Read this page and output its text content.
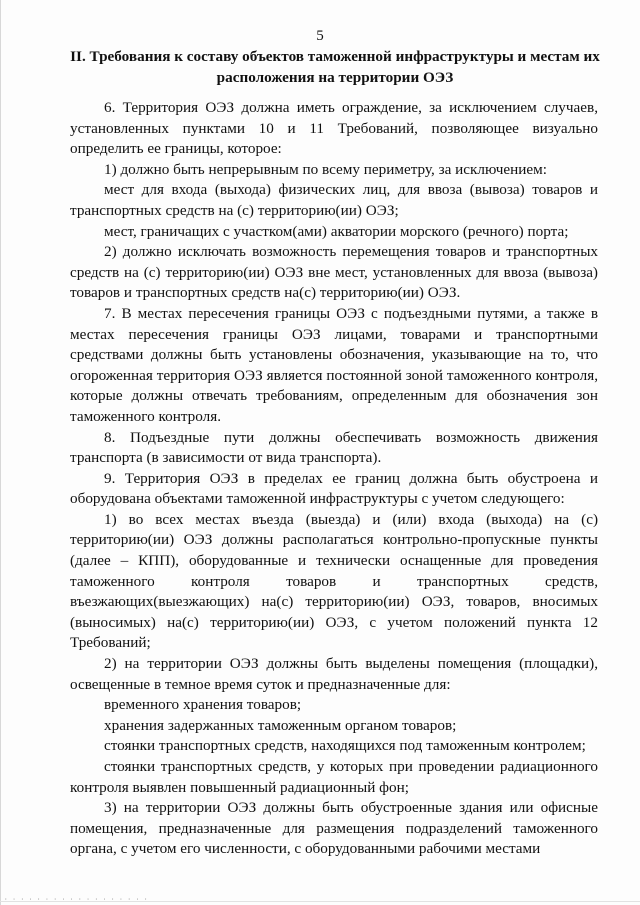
5
II. Требования к составу объектов таможенной инфраструктуры и местам их расположения на территории ОЭЗ

6. Территория ОЭЗ должна иметь ограждение, за исключением случаев, установленных пунктами 10 и 11 Требований, позволяющее визуально определить ее границы, которое:

1) должно быть непрерывным по всему периметру, за исключением:

мест для входа (выхода) физических лиц, для ввоза (вывоза) товаров и транспортных средств на (с) территорию(ии) ОЭЗ;

мест, граничащих с участком(ами) акватории морского (речного) порта;

2) должно исключать возможность перемещения товаров и транспортных средств на (с) территорию(ии) ОЭЗ вне мест, установленных для ввоза (вывоза) товаров и транспортных средств на(с) территорию(ии) ОЭЗ.

7. В местах пересечения границы ОЭЗ с подъездными путями, а также в местах пересечения границы ОЭЗ лицами, товарами и транспортными средствами должны быть установлены обозначения, указывающие на то, что огороженная территория ОЭЗ является постоянной зоной таможенного контроля, которые должны отвечать требованиям, определенным для обозначения зон таможенного контроля.

8. Подъездные пути должны обеспечивать возможность движения транспорта (в зависимости от вида транспорта).

9. Территория ОЭЗ в пределах ее границ должна быть обустроена и оборудована объектами таможенной инфраструктуры с учетом следующего:

1) во всех местах въезда (выезда) и (или) входа (выхода) на (с) территорию(ии) ОЭЗ должны располагаться контрольно-пропускные пункты (далее – КПП), оборудованные и технически оснащенные для проведения таможенного контроля товаров и транспортных средств, въезжающих(выезжающих) на(с) территорию(ии) ОЭЗ, товаров, вносимых (выносимых) на(с) территорию(ии) ОЭЗ, с учетом положений пункта 12 Требований;

2) на территории ОЭЗ должны быть выделены помещения (площадки), освещенные в темное время суток и предназначенные для:

временного хранения товаров;

хранения задержанных таможенным органом товаров;

стоянки транспортных средств, находящихся под таможенным контролем;

стоянки транспортных средств, у которых при проведении радиационного контроля выявлен повышенный радиационный фон;

3) на территории ОЭЗ должны быть обустроенные здания или офисные помещения, предназначенные для размещения подразделений таможенного органа, с учетом его численности, с оборудованными рабочими местами

· · · · · · · · · · · · · · · · · ·
